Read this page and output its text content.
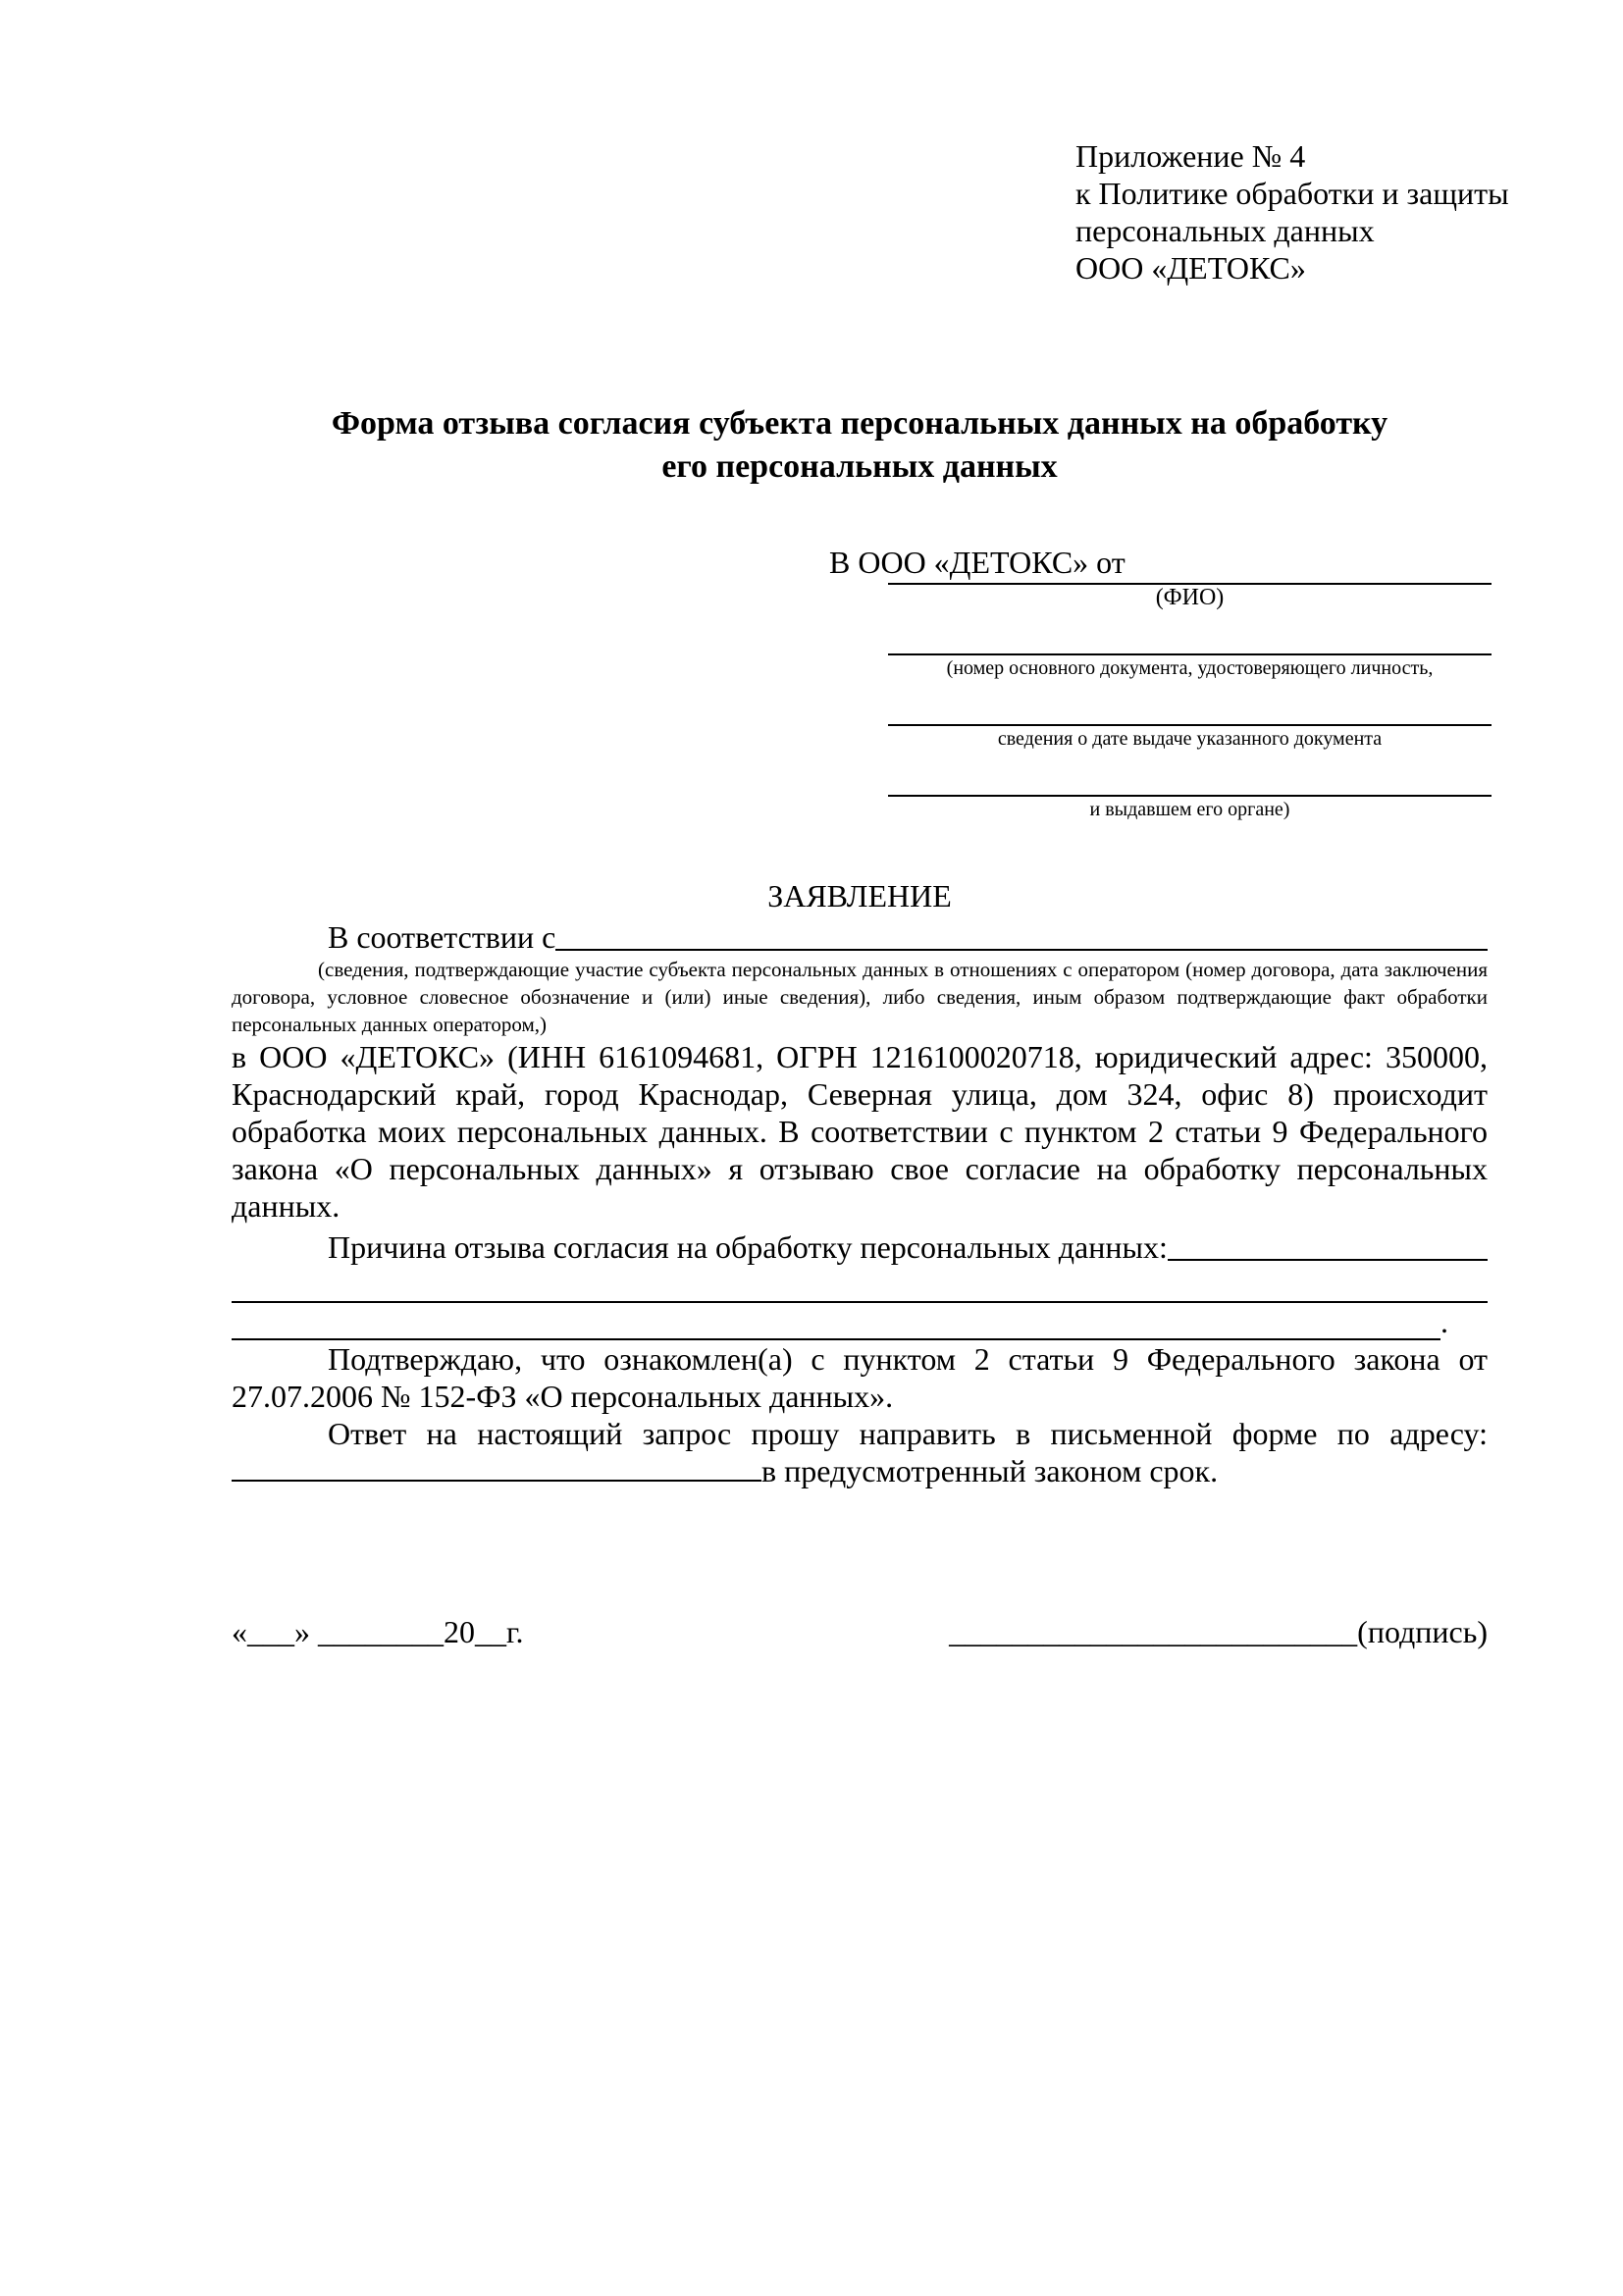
Приложение № 4
к Политике обработки и защиты
персональных данных
ООО «ДЕТОКС»
Форма отзыва согласия субъекта персональных данных на обработку
его персональных данных
В ООО «ДЕТОКС» от
(ФИО)
(номер основного документа, удостоверяющего личность,
сведения о дате выдаче указанного документа
и выдавшем его органе)
ЗАЯВЛЕНИЕ
В соответствии с
(сведения, подтверждающие участие субъекта персональных данных в отношениях с оператором (номер договора, дата заключения договора, условное словесное обозначение и (или) иные сведения), либо сведения, иным образом подтверждающие факт обработки персональных данных оператором,)
в ООО «ДЕТОКС» (ИНН 6161094681, ОГРН 1216100020718, юридический адрес: 350000, Краснодарский край, город Краснодар, Северная улица, дом 324, офис 8) происходит обработка моих персональных данных. В соответствии с пунктом 2 статьи 9 Федерального закона «О персональных данных» я отзываю свое согласие на обработку персональных данных.
Причина отзыва согласия на обработку персональных данных:
.
Подтверждаю, что ознакомлен(а) с пунктом 2 статьи 9 Федерального закона от 27.07.2006 № 152-ФЗ «О персональных данных».
Ответ на настоящий запрос прошу направить в письменной форме по адресу: в предусмотренный законом срок.
«___» ________20__г.	__________________________(подпись)
